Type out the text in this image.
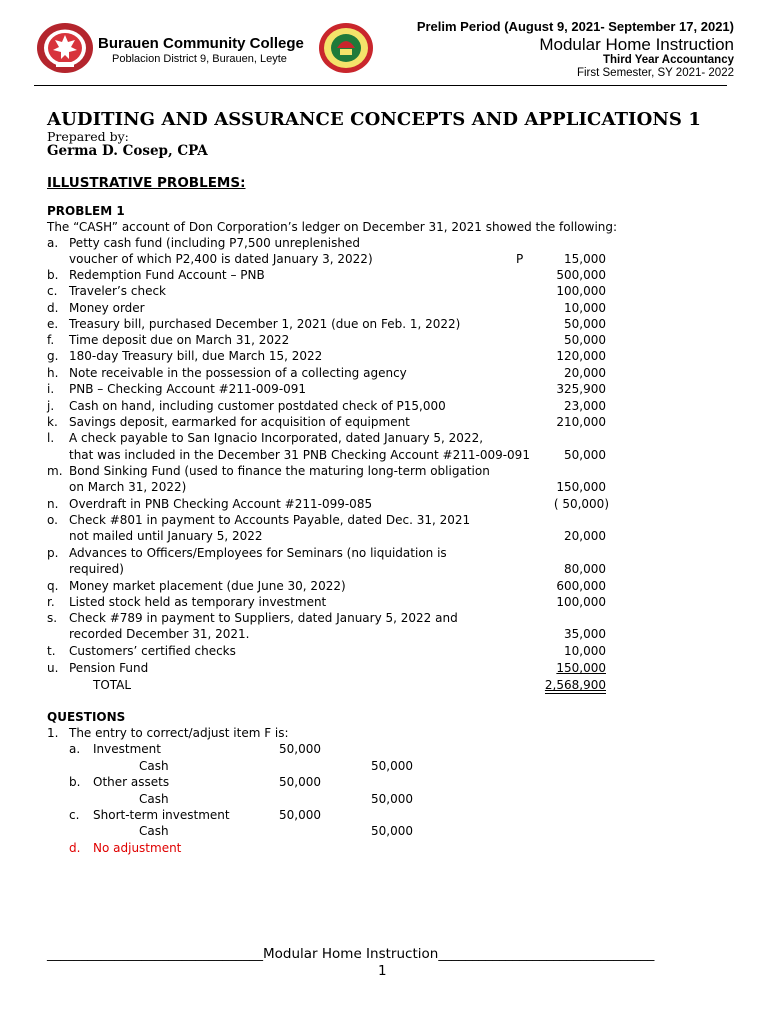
Burauen Community College
Poblacion District 9, Burauen, Leyte
Prelim Period (August 9, 2021- September 17, 2021)
Modular Home Instruction
Third Year Accountancy
First Semester, SY 2021- 2022
AUDITING AND ASSURANCE CONCEPTS AND APPLICATIONS 1
Prepared by:
Germa D. Cosep, CPA
ILLUSTRATIVE PROBLEMS:
PROBLEM 1
The “CASH” account of Don Corporation’s ledger on December 31, 2021 showed the following:
a. Petty cash fund (including P7,500 unreplenished
voucher of which P2,400 is dated January 3, 2022)	P	15,000
b. Redemption Fund Account – PNB	500,000
c. Traveler’s check	100,000
d. Money order	10,000
e. Treasury bill, purchased December 1, 2021 (due on Feb. 1, 2022)	50,000
f. Time deposit due on March 31, 2022	50,000
g. 180-day Treasury bill, due March 15, 2022	120,000
h. Note receivable in the possession of a collecting agency	20,000
i. PNB – Checking Account #211-009-091	325,900
j. Cash on hand, including customer postdated check of P15,000	23,000
k. Savings deposit, earmarked for acquisition of equipment	210,000
l. A check payable to San Ignacio Incorporated, dated January 5, 2022,
that was included in the December 31 PNB Checking Account #211-009-091	50,000
m. Bond Sinking Fund (used to finance the maturing long-term obligation
on March 31, 2022)	150,000
n. Overdraft in PNB Checking Account #211-099-085	( 50,000)
o. Check #801 in payment to Accounts Payable, dated Dec. 31, 2021
not mailed until January 5, 2022	20,000
p. Advances to Officers/Employees for Seminars (no liquidation is
required)	80,000
q. Money market placement (due June 30, 2022)	600,000
r. Listed stock held as temporary investment	100,000
s. Check #789 in payment to Suppliers, dated January 5, 2022 and
recorded December 31, 2021.	35,000
t. Customers’ certified checks	10,000
u. Pension Fund	150,000
TOTAL	2,568,900
QUESTIONS
1. The entry to correct/adjust item F is:
a. Investment	50,000
Cash	50,000
b. Other assets	50,000
Cash	50,000
c. Short-term investment	50,000
Cash	50,000
d. No adjustment
________________________________Modular Home Instruction________________________________
1
